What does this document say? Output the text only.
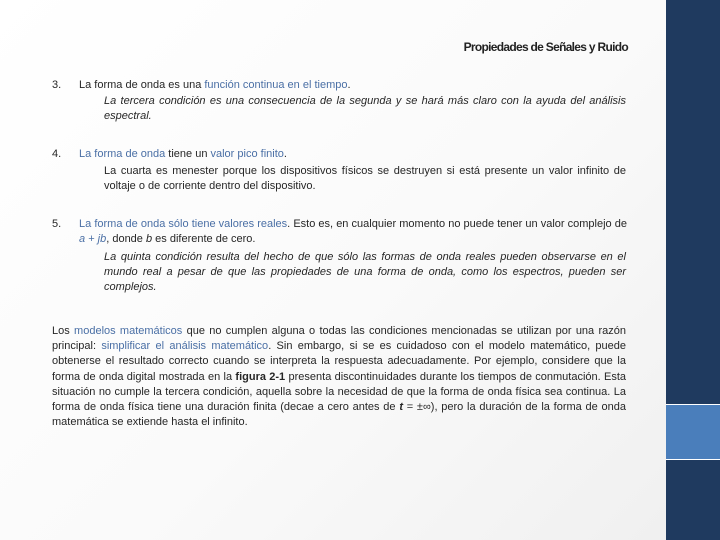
Propiedades de Señales y Ruido
3. La forma de onda es una función continua en el tiempo.
La tercera condición es una consecuencia de la segunda y se hará más claro con la ayuda del análisis espectral.
4. La forma de onda tiene un valor pico finito.
La cuarta es menester porque los dispositivos físicos se destruyen si está presente un valor infinito de voltaje o de corriente dentro del dispositivo.
5. La forma de onda sólo tiene valores reales. Esto es, en cualquier momento no puede tener un valor complejo de a + jb, donde b es diferente de cero.
La quinta condición resulta del hecho de que sólo las formas de onda reales pueden observarse en el mundo real a pesar de que las propiedades de una forma de onda, como los espectros, pueden ser complejos.
Los modelos matemáticos que no cumplen alguna o todas las condiciones mencionadas se utilizan por una razón principal: simplificar el análisis matemático. Sin embargo, si se es cuidadoso con el modelo matemático, puede obtenerse el resultado correcto cuando se interpreta la respuesta adecuadamente. Por ejemplo, considere que la forma de onda digital mostrada en la figura 2-1 presenta discontinuidades durante los tiempos de conmutación. Esta situación no cumple la tercera condición, aquella sobre la necesidad de que la forma de onda física sea continua. La forma de onda física tiene una duración finita (decae a cero antes de t = ±∞), pero la duración de la forma de onda matemática se extiende hasta el infinito.
